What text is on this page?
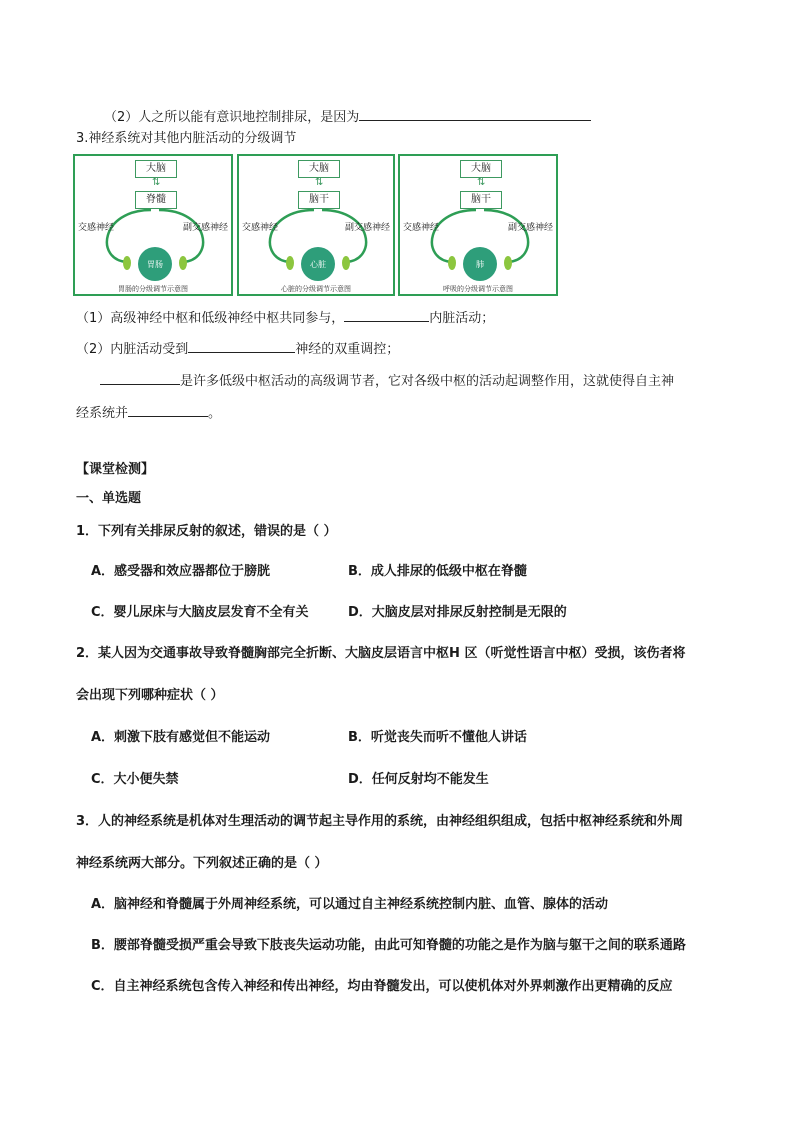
（2）人之所以能有意识地控制排尿，是因为
3.神经系统对其他内脏活动的分级调节
大脑
⇅
脊髓
交感神经	副交感神经
胃肠
胃肠的分级调节示意图
大脑
⇅
脑干
交感神经	副交感神经
心脏
心脏的分级调节示意图
大脑
⇅
脑干
交感神经	副交感神经
肺
呼吸的分级调节示意图
（1）高级神经中枢和低级神经中枢共同参与，	内脏活动；
（2）内脏活动受到	神经的双重调控；
是许多低级中枢活动的高级调节者，它对各级中枢的活动起调整作用，这就使得自主神
经系统并	。
【课堂检测】
一、单选题
1．下列有关排尿反射的叙述，错误的是（ ）
A．感受器和效应器都位于膀胱	B．成人排尿的低级中枢在脊髓
C．婴儿尿床与大脑皮层发育不全有关	D．大脑皮层对排尿反射控制是无限的
2．某人因为交通事故导致脊髓胸部完全折断、大脑皮层语言中枢H 区（听觉性语言中枢）受损，该伤者将
会出现下列哪种症状（ ）
A．刺激下肢有感觉但不能运动	B．听觉丧失而听不懂他人讲话
C．大小便失禁	D．任何反射均不能发生
3．人的神经系统是机体对生理活动的调节起主导作用的系统，由神经组织组成，包括中枢神经系统和外周
神经系统两大部分。下列叙述正确的是（ ）
A．脑神经和脊髓属于外周神经系统，可以通过自主神经系统控制内脏、血管、腺体的活动
B．腰部脊髓受损严重会导致下肢丧失运动功能，由此可知脊髓的功能之是作为脑与躯干之间的联系通路
C．自主神经系统包含传入神经和传出神经，均由脊髓发出，可以使机体对外界刺激作出更精确的反应
